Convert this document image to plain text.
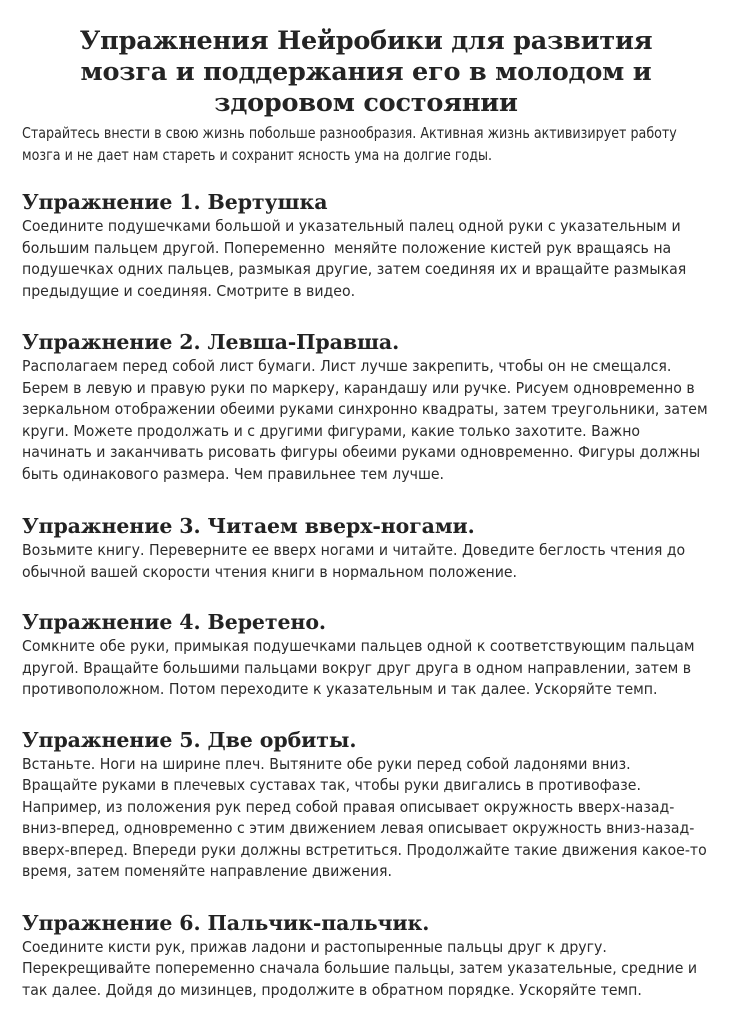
Упражнения Нейробики для развития мозга и поддержания его в молодом и здоровом состоянии

Старайтесь внести в свою жизнь побольше разнообразия. Активная жизнь активизирует работу мозга и не дает нам стареть и сохранит ясность ума на долгие годы.

Упражнение 1. Вертушка

Соедините подушечками большой и указательный палец одной руки с указательным и большим пальцем другой. Попеременно  меняйте положение кистей рук вращаясь на подушечках одних пальцев, размыкая другие, затем соединяя их и вращайте размыкая предыдущие и соединяя. Смотрите в видео.

Упражнение 2. Левша-Правша.

Располагаем перед собой лист бумаги. Лист лучше закрепить, чтобы он не смещался. Берем в левую и правую руки по маркеру, карандашу или ручке. Рисуем одновременно в зеркальном отображении обеими руками синхронно квадраты, затем треугольники, затем круги. Можете продолжать и с другими фигурами, какие только захотите. Важно начинать и заканчивать рисовать фигуры обеими руками одновременно. Фигуры должны быть одинакового размера. Чем правильнее тем лучше.

Упражнение 3. Читаем вверх-ногами.

Возьмите книгу. Переверните ее вверх ногами и читайте. Доведите беглость чтения до обычной вашей скорости чтения книги в нормальном положение.

Упражнение 4. Веретено.

Сомкните обе руки, примыкая подушечками пальцев одной к соответствующим пальцам другой. Вращайте большими пальцами вокруг друг друга в одном направлении, затем в противоположном. Потом переходите к указательным и так далее. Ускоряйте темп.

Упражнение 5. Две орбиты.

Встаньте. Ноги на ширине плеч. Вытяните обе руки перед собой ладонями вниз. Вращайте руками в плечевых суставах так, чтобы руки двигались в противофазе. Например, из положения рук перед собой правая описывает окружность вверх-назад-вниз-вперед, одновременно с этим движением левая описывает окружность вниз-назад-вверх-вперед. Впереди руки должны встретиться. Продолжайте такие движения какое-то время, затем поменяйте направление движения.

Упражнение 6. Пальчик-пальчик.

Соедините кисти рук, прижав ладони и растопыренные пальцы друг к другу. Перекрещивайте попеременно сначала большие пальцы, затем указательные, средние и так далее. Дойдя до мизинцев, продолжите в обратном порядке. Ускоряйте темп.
